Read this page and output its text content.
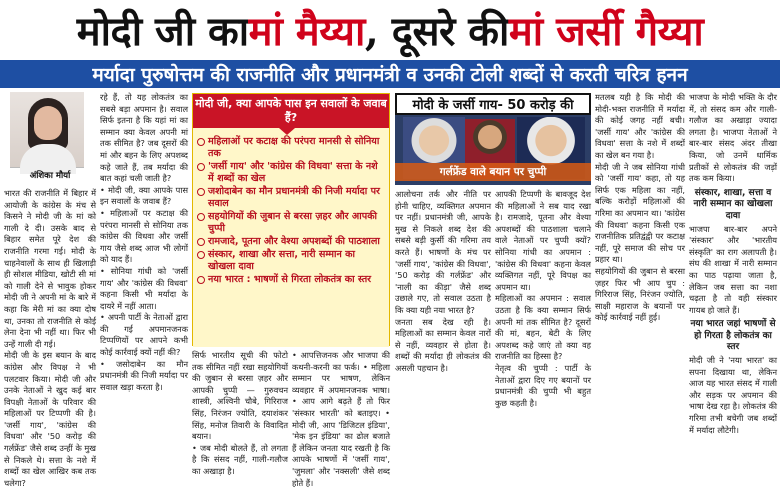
मोदी जी का मां मैय्या , दूसरे की मां जर्सी गैय्या
मर्यादा पुरुषोत्तम की राजनीति और प्रधानमंत्री व उनकी टोली शब्दों से करती चरित्र हनन
अंशिका मौर्या

भारत की राजनीति में बिहार में आयोजी के कांग्रेस के मंच से किसने ने मोदी जी के मां को गाली दे दी। उसके बाद से बिहार समेत पूरे देश की राजनीति गरमा गई। मोदी के चाहनेवालों के साथ ही खिलाड़ी ही सोशल मीडिया, खोटी सी मां को गाली देने से भावुक होकर मोदी जी ने अपनी मां के बारे में कहा कि मेरी मां का क्या दोष था, उनका तो राजनीति से कोई लेना देना भी नहीं था। फिर भी उन्हें गाली दी गई।

मोदी जी के इस बयान के बाद कांग्रेस और विपक्ष ने भी पलटवार किया। मोदी जी और उनके नेताओं ने खुद कई बार विपक्षी नेताओं के परिवार की महिलाओं पर टिप्पणी की है। 'जर्सी गाय', 'कांग्रेस की विधवा' और '50 करोड़ की गर्लफ्रेंड' जैसे शब्द उन्हीं के मुख से निकले थे। सत्ता के नशे में शब्दों का खेल आखिर कब तक चलेगा?

रहे हैं, तो यह लोकतंत्र का सबसे बड़ा अपमान है। सवाल सिर्फ इतना है कि यहां मां का सम्मान क्या केवल अपनी मां तक सीमित है? जब दूसरों की मां और बहन के लिए अपशब्द कहे जाते हैं, तब मर्यादा की बात कहां चली जाती है?

• मोदी जी, क्या आपके पास इन सवालों के जवाब हैं?

• महिलाओं पर कटाक्ष की परंपरा मानसी से सोनिया तक कांग्रेस की विधवा और जर्सी गाय जैसे शब्द आज भी लोगों को याद हैं।

• सोनिया गांधी को 'जर्सी गाय' और 'कांग्रेस की विधवा' कहना किसी भी मर्यादा के दायरे में नहीं आता।

• अपनी पार्टी के नेताओं द्वारा की गई अपमानजनक टिप्पणियों पर आपने कभी कोई कार्रवाई क्यों नहीं की?

• जसोदाबेन का मौन प्रधानमंत्री की निजी मर्यादा पर सवाल खड़ा करता है।

मोदी जी, क्या आपके पास इन सवालों के जवाब हैं?
महिलाओं पर कटाक्ष की परंपरा मानसी से सोनिया तक
'जर्सी गाय' और 'कांग्रेस की विधवा' सत्ता के नशे में शब्दों का खेल
जशोदाबेन का मौन प्रधानमंत्री की निजी मर्यादा पर सवाल
सहयोगियों की जुबान से बरसा ज़हर और आपकी चुप्पी
रामजादे, पूतना और वेश्या अपशब्दों की पाठशाला
संस्कार, शाखा और सत्ता, नारी सम्मान का खोखला दावा
नया भारत : भाषणों से गिरता लोकतंत्र का स्तर

सिर्फ भारतीय सूची की फोटो तक सीमित नहीं रखा सहयोगियों की जुबान से बरसा ज़हर और आपकी चुप्पी — गुरुवचन शास्त्री, अश्विनी चौबे, गिरिराज सिंह, निरंजन ज्योति, दयाशंकर सिंह, मनोज तिवारी के विवादित बयान।

• जब मोदी बोलते हैं, तो लगता है कि संसद नहीं, गाली-गलौज का अखाड़ा है।

• आपत्तिजनक और भाजपा की कथनी-करनी का फर्क। • महिला सम्मान पर भाषण, लेकिन व्यवहार में अपमानजनक भाषा। • आप आगे बढ़ते हैं तो फिर 'संस्कार भारती' को बताइए। • मोदी जी, आप 'डिजिटल इंडिया', 'मेक इन इंडिया' का ढोल बजाते हैं लेकिन जनता याद रखती है कि आपके भाषणों में 'जर्सी गाय', 'जुमला' और 'नक्सली' जैसे शब्द होते हैं।

मोदी के जर्सी गाय- 50 करोड़ की
गर्लफ्रेंड वाले बयान पर चुप्पी

आलोचना तर्क और नीति पर होनी चाहिए, व्यक्तिगत अपमान पर नहीं। प्रधानमंत्री जी, आपके मुख से निकले शब्द देश की सबसे बड़ी कुर्सी की गरिमा तय करते हैं। भाषणों के मंच पर 'जर्सी गाय', 'कांग्रेस की विधवा', '50 करोड़ की गर्लफ्रेंड' और 'नाली का कीड़ा' जैसे शब्द उछाले गए, तो सवाल उठता है कि क्या यही नया भारत है?

जनता सब देख रही है। महिलाओं का सम्मान केवल नारों से नहीं, व्यवहार से होता है। शब्दों की मर्यादा ही लोकतंत्र की असली पहचान है।

आपकी टिप्पणी के बावजूद देश की महिलाओं ने सब याद रखा है। रामजादे, पूतना और वेश्या अपशब्दों की पाठशाला चलाने वाले नेताओं पर चुप्पी क्यों? सोनिया गांधी का अपमान : 'कांग्रेस की विधवा' कहना केवल व्यक्तिगत नहीं, पूरे विपक्ष का अपमान था।

महिलाओं का अपमान : सवाल उठता है कि क्या सम्मान सिर्फ अपनी मां तक सीमित है? दूसरों की मां, बहन, बेटी के लिए अपशब्द कहे जाएं तो क्या वह राजनीति का हिस्सा है?

नेतृत्व की चुप्पी : पार्टी के नेताओं द्वारा दिए गए बयानों पर प्रधानमंत्री की चुप्पी भी बहुत कुछ कहती है।

मतलब यही है कि मोदी की मोदी-भक्त राजनीति में मर्यादा की कोई जगह नहीं बची। 'जर्सी गाय' और 'कांग्रेस की विधवा' सत्ता के नशे में शब्दों का खेल बन गया है।

मोदी जी ने जब सोनिया गांधी को 'जर्सी गाय' कहा, तो यह सिर्फ एक महिला का नहीं, बल्कि करोड़ों महिलाओं की गरिमा का अपमान था। 'कांग्रेस की विधवा' कहना किसी एक राजनीतिक प्रतिद्वंद्वी पर कटाक्ष नहीं, पूरे समाज की सोच पर प्रहार था।

सहयोगियों की जुबान से बरसा ज़हर फिर भी आप चुप : गिरिराज सिंह, निरंजन ज्योति, साक्षी महाराज के बयानों पर कोई कार्रवाई नहीं हुई।

भाजपा के मोदी भक्ति के दौर में, तो संसद कम और गाली-गलौज का अखाड़ा ज्यादा लगता है। भाजपा नेताओं ने बार-बार संसद अंदर तीखा किया, जो उनमें धार्मिक प्रतीकों से लोकतंत्र की जड़ों तक कम किया।

संस्कार, शाखा, सत्ता व नारी सम्मान का खोखला दावा

भाजपा बार-बार अपने 'संस्कार' और 'भारतीय संस्कृति' का राग अलापती है। संघ की शाखा में नारी सम्मान का पाठ पढ़ाया जाता है, लेकिन जब सत्ता का नशा चढ़ता है तो वही संस्कार गायब हो जाते हैं।

नया भारत जहां भाषणों से हो गिरता है लोकतंत्र का स्तर

मोदी जी ने 'नया भारत' का सपना दिखाया था, लेकिन आज यह भारत संसद में गाली और सड़क पर अपमान की भाषा देख रहा है। लोकतंत्र की गरिमा तभी बचेगी जब शब्दों में मर्यादा लौटेगी।
